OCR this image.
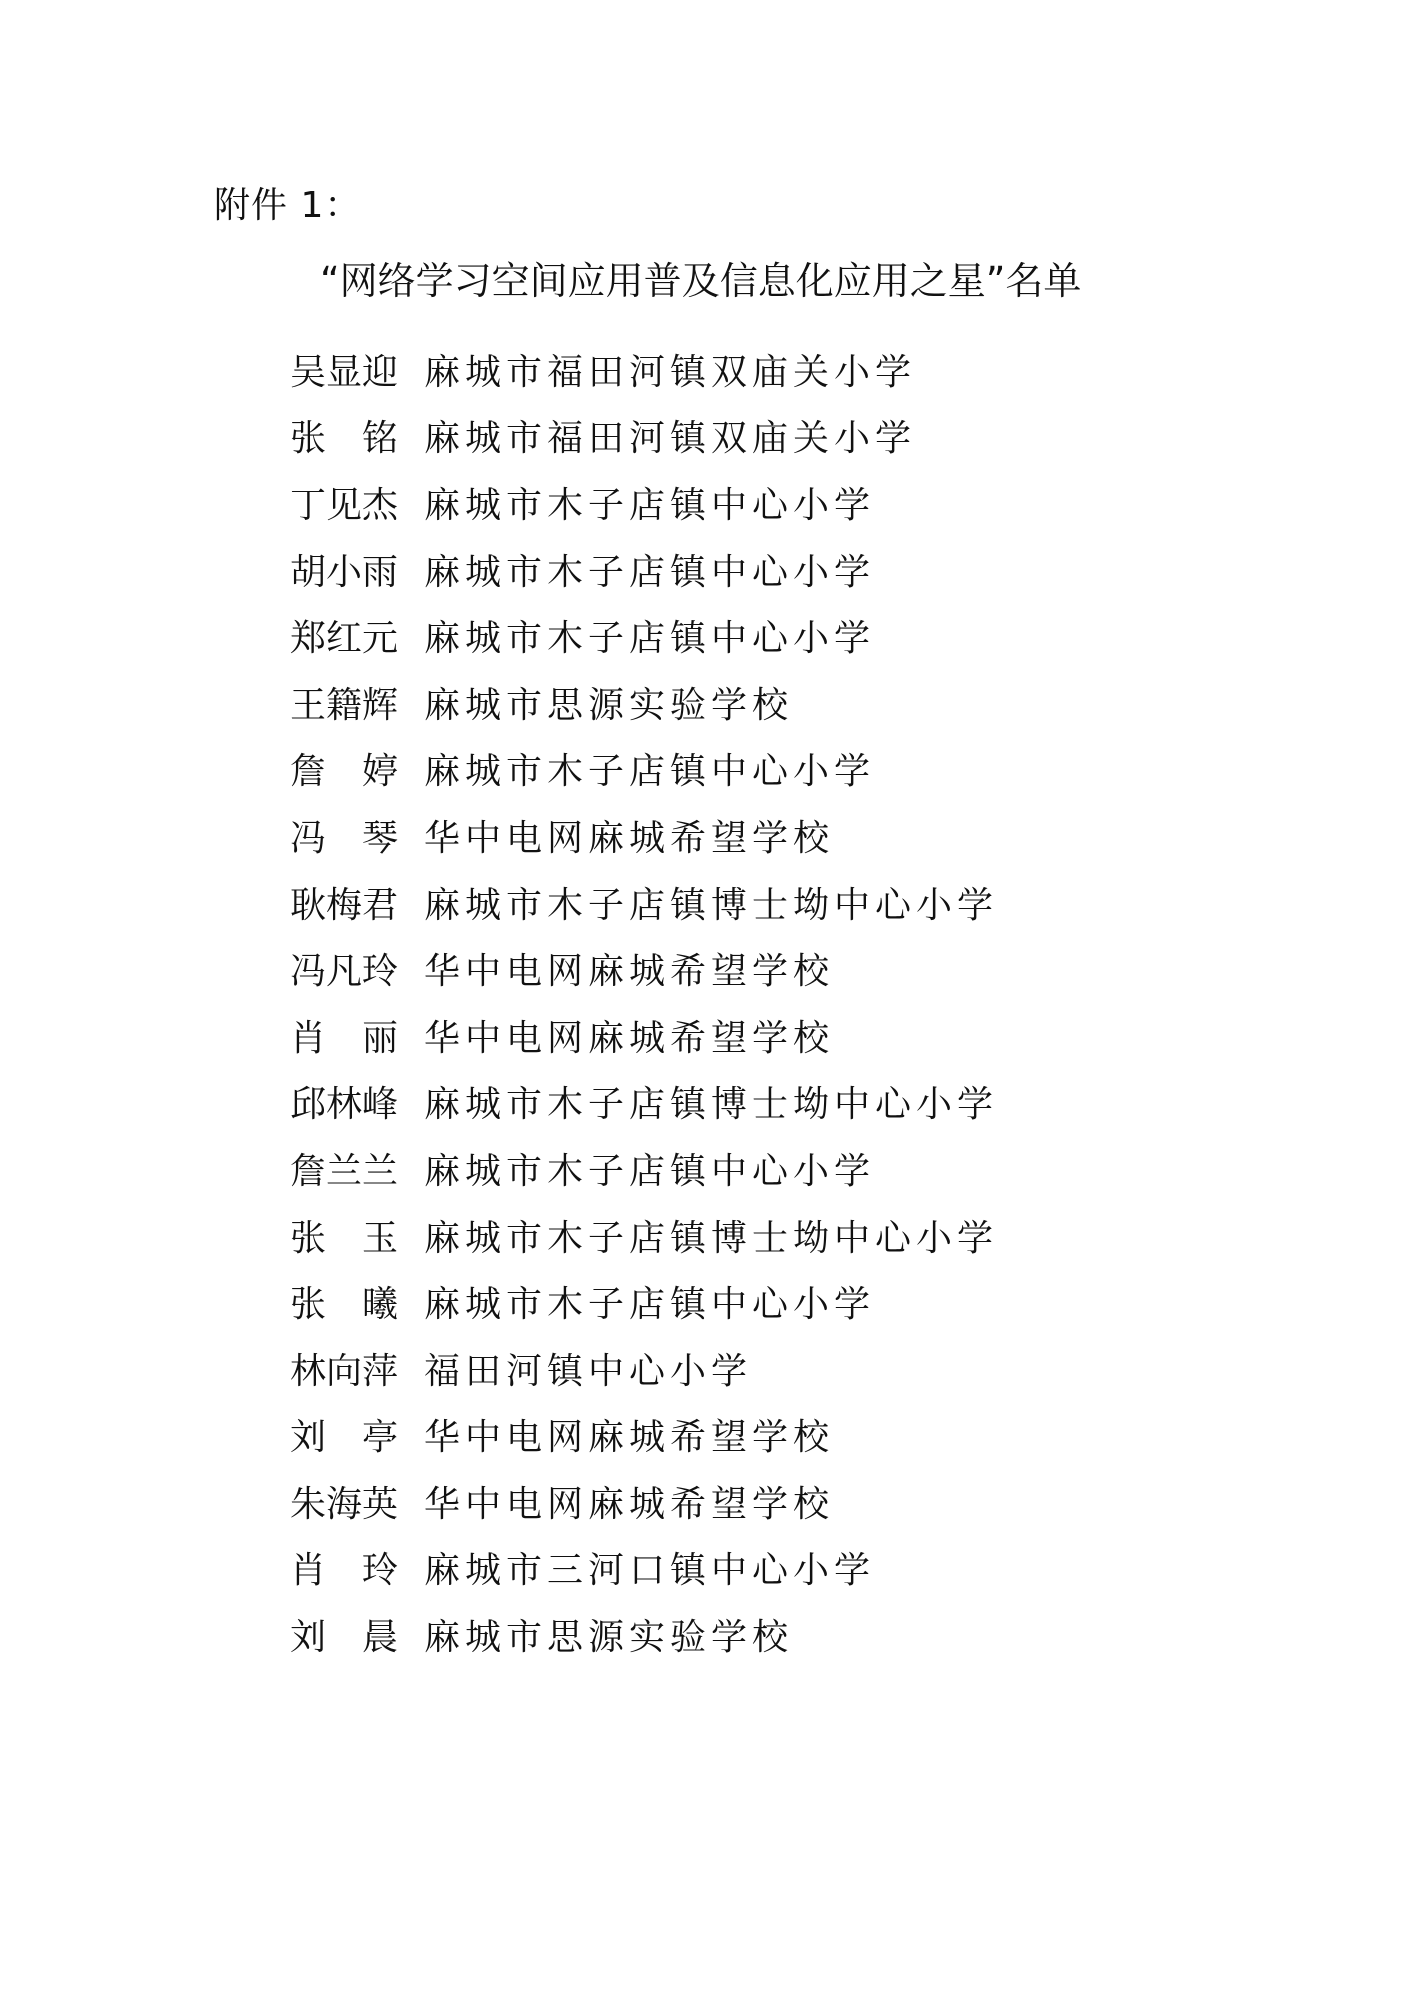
附件 1：
“网络学习空间应用普及信息化应用之星”名单
吴显迎 麻城市福田河镇双庙关小学
张铭 麻城市福田河镇双庙关小学
丁见杰 麻城市木子店镇中心小学
胡小雨 麻城市木子店镇中心小学
郑红元 麻城市木子店镇中心小学
王籍辉 麻城市思源实验学校
詹婷 麻城市木子店镇中心小学
冯琴 华中电网麻城希望学校
耿梅君 麻城市木子店镇博士坳中心小学
冯凡玲 华中电网麻城希望学校
肖丽 华中电网麻城希望学校
邱林峰 麻城市木子店镇博士坳中心小学
詹兰兰 麻城市木子店镇中心小学
张玉 麻城市木子店镇博士坳中心小学
张曦 麻城市木子店镇中心小学
林向萍 福田河镇中心小学
刘亭 华中电网麻城希望学校
朱海英 华中电网麻城希望学校
肖玲 麻城市三河口镇中心小学
刘晨 麻城市思源实验学校
